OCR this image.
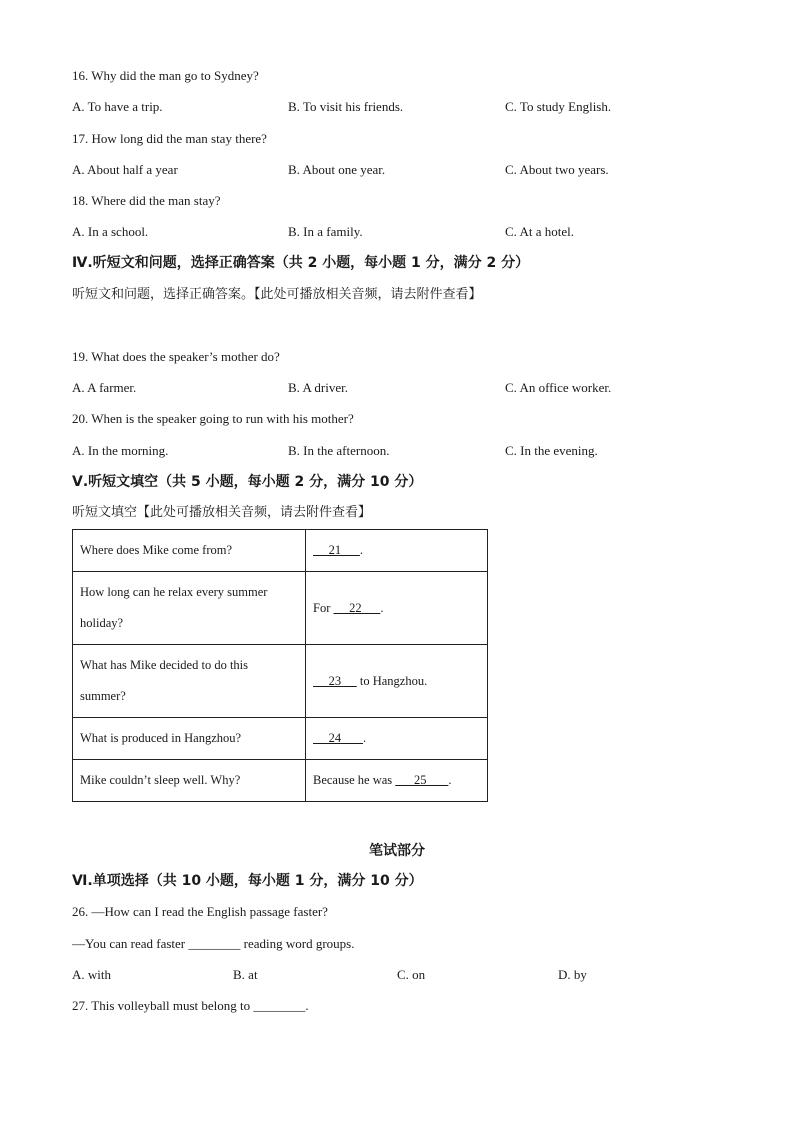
16. Why did the man go to Sydney?
A. To have a trip.	B. To visit his friends.	C. To study English.
17. How long did the man stay there?
A. About half a year	B. About one year.	C. About two years.
18. Where did the man stay?
A. In a school.	B. In a family.	C. At a hotel.
Ⅳ.听短文和问题，选择正确答案（共 2 小题，每小题 1 分，满分 2 分）
听短文和问题，选择正确答案。【此处可播放相关音频，请去附件查看】
19. What does the speaker’s mother do?
A. A farmer.	B. A driver.	C. An office worker.
20. When is the speaker going to run with his mother?
A. In the morning.	B. In the afternoon.	C. In the evening.
Ⅴ.听短文填空（共 5 小题，每小题 2 分，满分 10 分）
听短文填空【此处可播放相关音频，请去附件查看】
Where does Mike come from?	21      .
How long can he relax every summer
holiday?	For      22      .
What has Mike decided to do this
summer?	23      to Hangzhou.
What is produced in Hangzhou?	24       .
Mike couldn’t sleep well. Why?	Because he was       25       .
笔试部分
Ⅵ.单项选择（共 10 小题，每小题 1 分，满分 10 分）
26. —How can I read the English passage faster?
—You can read faster ________ reading word groups.
A. with	B. at	C. on	D. by
27. This volleyball must belong to ________.
